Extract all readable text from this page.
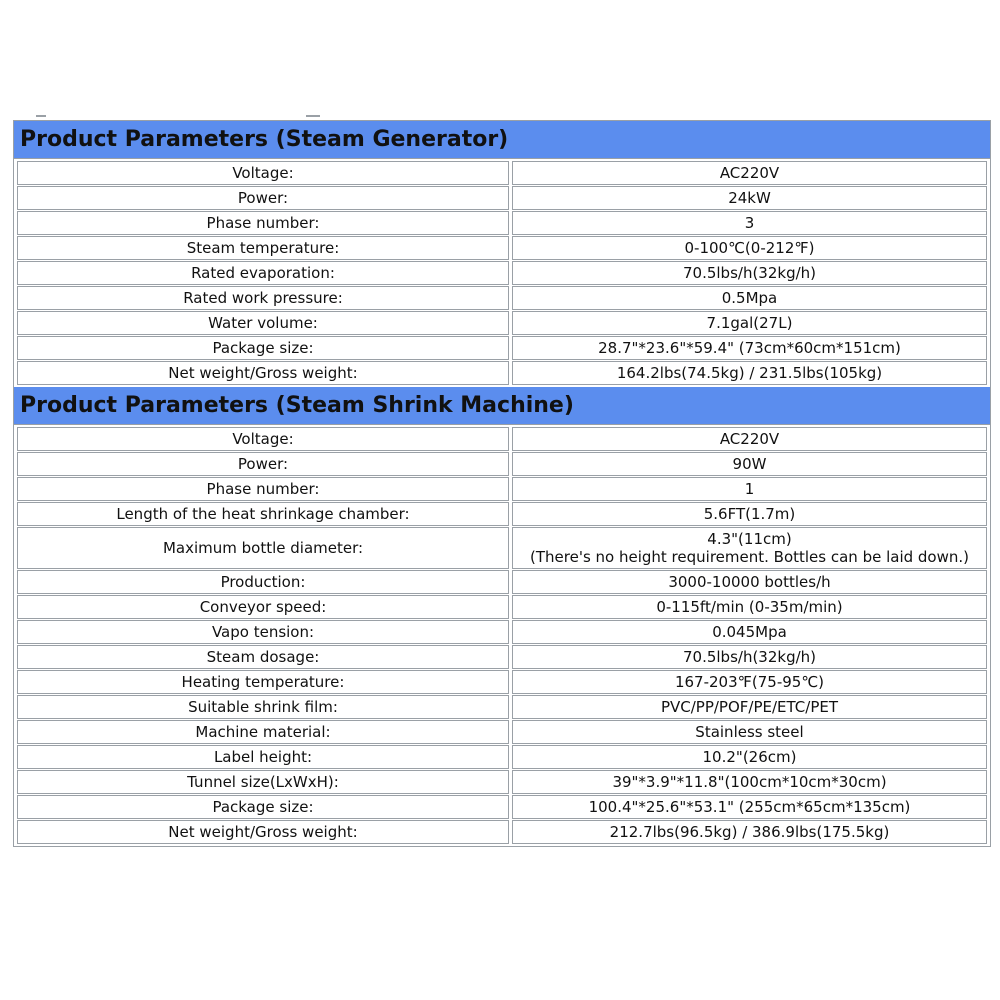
Product Parameters (Steam Generator)
Voltage:	AC220V
Power:	24kW
Phase number:	3
Steam temperature:	0-100℃(0-212℉)
Rated evaporation:	70.5lbs/h(32kg/h)
Rated work pressure:	0.5Mpa
Water volume:	7.1gal(27L)
Package size:	28.7"*23.6"*59.4" (73cm*60cm*151cm)
Net weight/Gross weight:	164.2lbs(74.5kg) / 231.5lbs(105kg)
Product Parameters (Steam Shrink Machine)
Voltage:	AC220V
Power:	90W
Phase number:	1
Length of the heat shrinkage chamber:	5.6FT(1.7m)
Maximum bottle diameter:	4.3"(11cm)
(There's no height requirement. Bottles can be laid down.)

Production:	3000-10000 bottles/h
Conveyor speed:	0-115ft/min (0-35m/min)
Vapo tension:	0.045Mpa
Steam dosage:	70.5lbs/h(32kg/h)
Heating temperature:	167-203℉(75-95℃)
Suitable shrink film:	PVC/PP/POF/PE/ETC/PET
Machine material:	Stainless steel
Label height:	10.2"(26cm)
Tunnel size(LxWxH):	39"*3.9"*11.8"(100cm*10cm*30cm)
Package size:	100.4"*25.6"*53.1" (255cm*65cm*135cm)
Net weight/Gross weight:	212.7lbs(96.5kg) / 386.9lbs(175.5kg)
